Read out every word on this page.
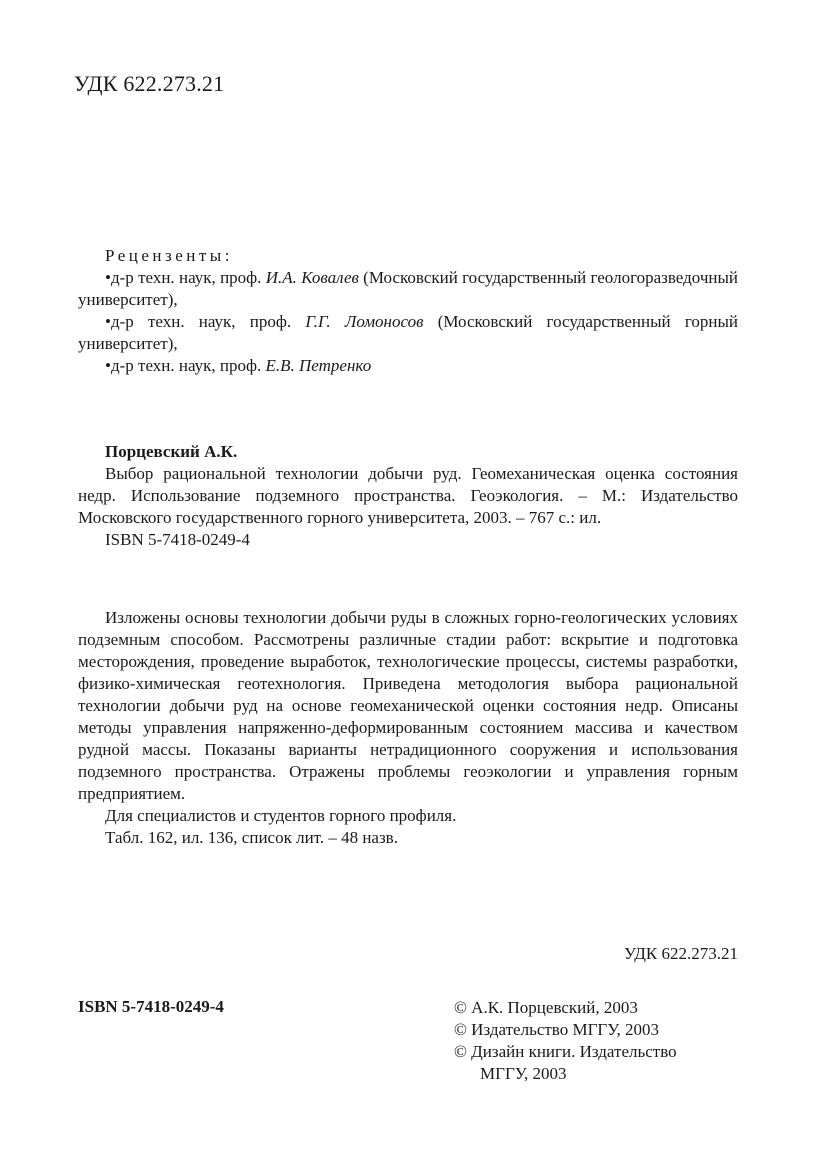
УДК 622.273.21
Рецензенты:
• д-р техн. наук, проф. И.А. Ковалев (Московский государственный геологоразведочный университет),
• д-р техн. наук, проф. Г.Г. Ломоносов (Московский государственный горный университет),
• д-р техн. наук, проф. Е.В. Петренко
Порцевский А.К.
Выбор рациональной технологии добычи руд. Геомеханическая оценка состояния недр. Использование подземного пространства. Геоэкология. – М.: Издательство Московского государственного горного университета, 2003. – 767 с.: ил.
ISBN 5-7418-0249-4

Изложены основы технологии добычи руды в сложных горно-геологических условиях подземным способом. Рассмотрены различные стадии работ: вскрытие и подготовка месторождения, проведение выработок, технологические процессы, системы разработки, физико-химическая геотехнология. Приведена методология выбора рациональной технологии добычи руд на основе геомеханической оценки состояния недр. Описаны методы управления напряженно-деформированным состоянием массива и качеством рудной массы. Показаны варианты нетрадиционного сооружения и использования подземного пространства. Отражены проблемы геоэкологии и управления горным предприятием.

Для специалистов и студентов горного профиля.

Табл. 162, ил. 136, список лит. – 48 назв.

УДК 622.273.21
ISBN 5-7418-0249-4	© А.К. Порцевский, 2003
© Издательство МГГУ, 2003
© Дизайн книги. Издательство
МГГУ, 2003
